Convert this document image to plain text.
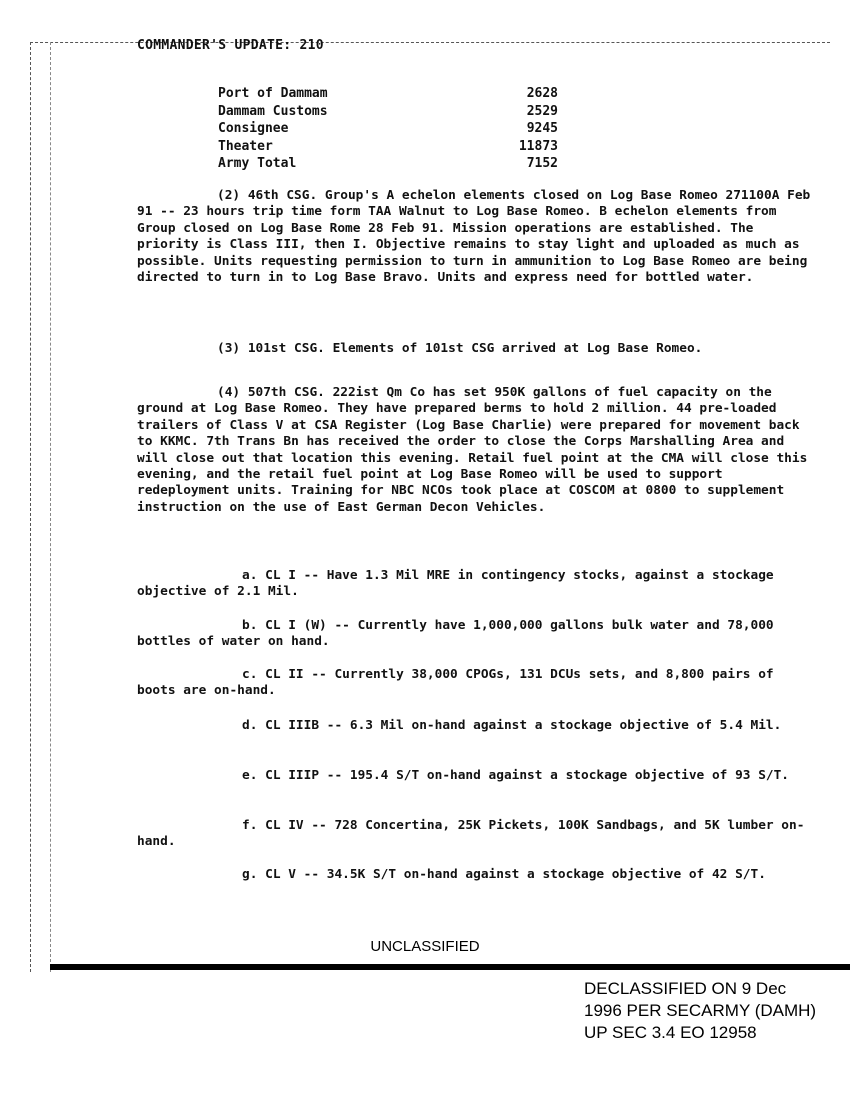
COMMANDER'S UPDATE: 210
Port of Dammam	2628
Dammam Customs	2529
Consignee	9245
Theater	11873
Army Total	7152

(2) 46th CSG. Group's A echelon elements closed on Log Base Romeo 271100A Feb 91 -- 23 hours trip time form TAA Walnut to Log Base Romeo. B echelon elements from Group closed on Log Base Rome 28 Feb 91. Mission operations are established. The priority is Class III, then I. Objective remains to stay light and uploaded as much as possible. Units requesting permission to turn in ammunition to Log Base Romeo are being directed to turn in to Log Base Bravo. Units and express need for bottled water.

(3) 101st CSG. Elements of 101st CSG arrived at Log Base Romeo.

(4) 507th CSG. 222ist Qm Co has set 950K gallons of fuel capacity on the ground at Log Base Romeo. They have prepared berms to hold 2 million. 44 pre-loaded trailers of Class V at CSA Register (Log Base Charlie) were prepared for movement back to KKMC. 7th Trans Bn has received the order to close the Corps Marshalling Area and will close out that location this evening. Retail fuel point at the CMA will close this evening, and the retail fuel point at Log Base Romeo will be used to support redeployment units. Training for NBC NCOs took place at COSCOM at 0800 to supplement instruction on the use of East German Decon Vehicles.

a. CL I -- Have 1.3 Mil MRE in contingency stocks, against a stockage objective of 2.1 Mil.

b. CL I (W) -- Currently have 1,000,000 gallons bulk water and 78,000 bottles of water on hand.

c. CL II -- Currently 38,000 CPOGs, 131 DCUs sets, and 8,800 pairs of boots are on-hand.

d. CL IIIB -- 6.3 Mil on-hand against a stockage objective of 5.4 Mil.

e. CL IIIP -- 195.4 S/T on-hand against a stockage objective of 93 S/T.

f. CL IV -- 728 Concertina, 25K Pickets, 100K Sandbags, and 5K lumber on-hand.

g. CL V -- 34.5K S/T on-hand against a stockage objective of 42 S/T.

UNCLASSIFIED
DECLASSIFIED ON 9 Dec
1996 PER SECARMY (DAMH)
UP SEC 3.4 EO 12958
